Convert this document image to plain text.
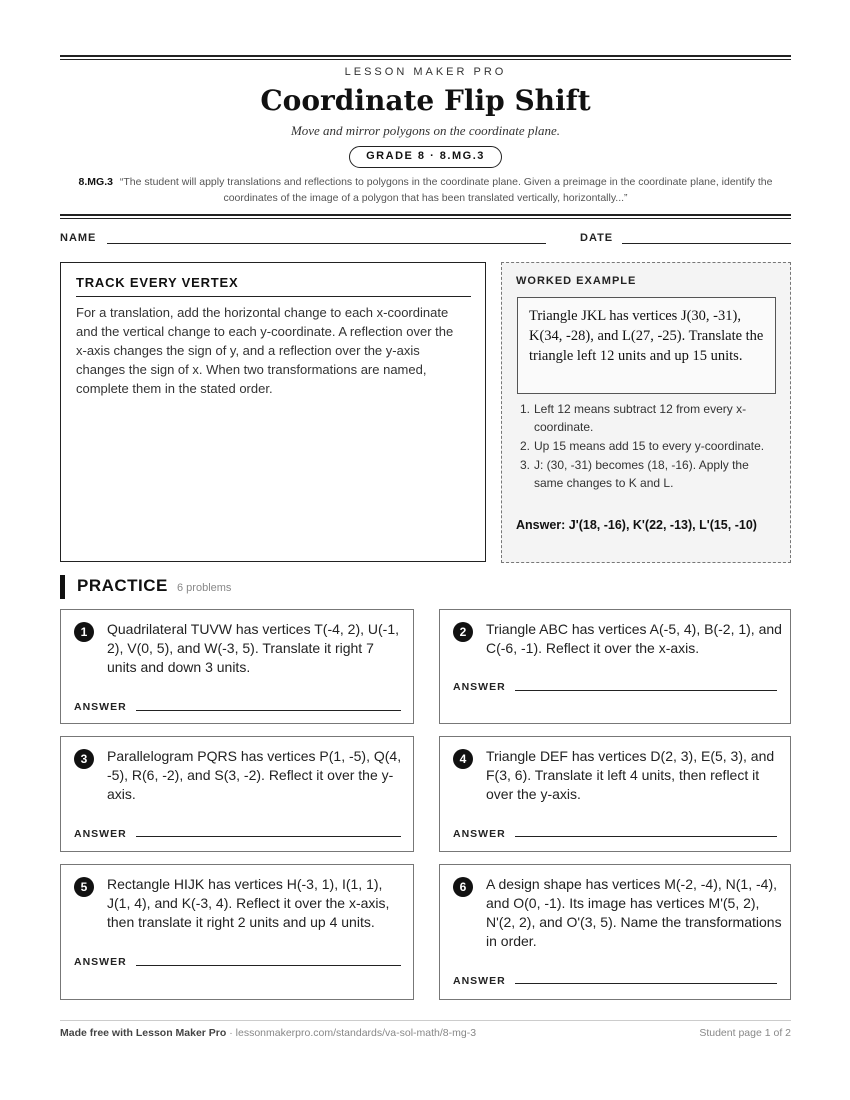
LESSON MAKER PRO
Coordinate Flip Shift
Move and mirror polygons on the coordinate plane.
GRADE 8 · 8.MG.3
8.MG.3 “The student will apply translations and reflections to polygons in the coordinate plane. Given a preimage in the coordinate plane, identify the coordinates of the image of a polygon that has been translated vertically, horizontally...”
NAME	DATE
TRACK EVERY VERTEX
For a translation, add the horizontal change to each x-coordinate and the vertical change to each y-coordinate. A reflection over the x-axis changes the sign of y, and a reflection over the y-axis changes the sign of x. When two transformations are named, complete them in the stated order.
WORKED EXAMPLE
Triangle JKL has vertices J(30, -31), K(34, -28), and L(27, -25). Translate the triangle left 12 units and up 15 units.
1. Left 12 means subtract 12 from every x-coordinate.
2. Up 15 means add 15 to every y-coordinate.
3. J: (30, -31) becomes (18, -16). Apply the same changes to K and L.
Answer: J'(18, -16), K'(22, -13), L'(15, -10)
PRACTICE 6 problems
1	Quadrilateral TUVW has vertices T(-4, 2), U(-1, 2), V(0, 5), and W(-3, 5). Translate it right 7 units and down 3 units.
ANSWER
2	Triangle ABC has vertices A(-5, 4), B(-2, 1), and C(-6, -1). Reflect it over the x-axis.
ANSWER
3	Parallelogram PQRS has vertices P(1, -5), Q(4, -5), R(6, -2), and S(3, -2). Reflect it over the y-axis.
ANSWER
4	Triangle DEF has vertices D(2, 3), E(5, 3), and F(3, 6). Translate it left 4 units, then reflect it over the y-axis.
ANSWER
5	Rectangle HIJK has vertices H(-3, 1), I(1, 1), J(1, 4), and K(-3, 4). Reflect it over the x-axis, then translate it right 2 units and up 4 units.
ANSWER
6	A design shape has vertices M(-2, -4), N(1, -4), and O(0, -1). Its image has vertices M'(5, 2), N'(2, 2), and O'(3, 5). Name the transformations in order.
ANSWER
Made free with Lesson Maker Pro · lessonmakerpro.com/standards/va-sol-math/8-mg-3	Student page 1 of 2
